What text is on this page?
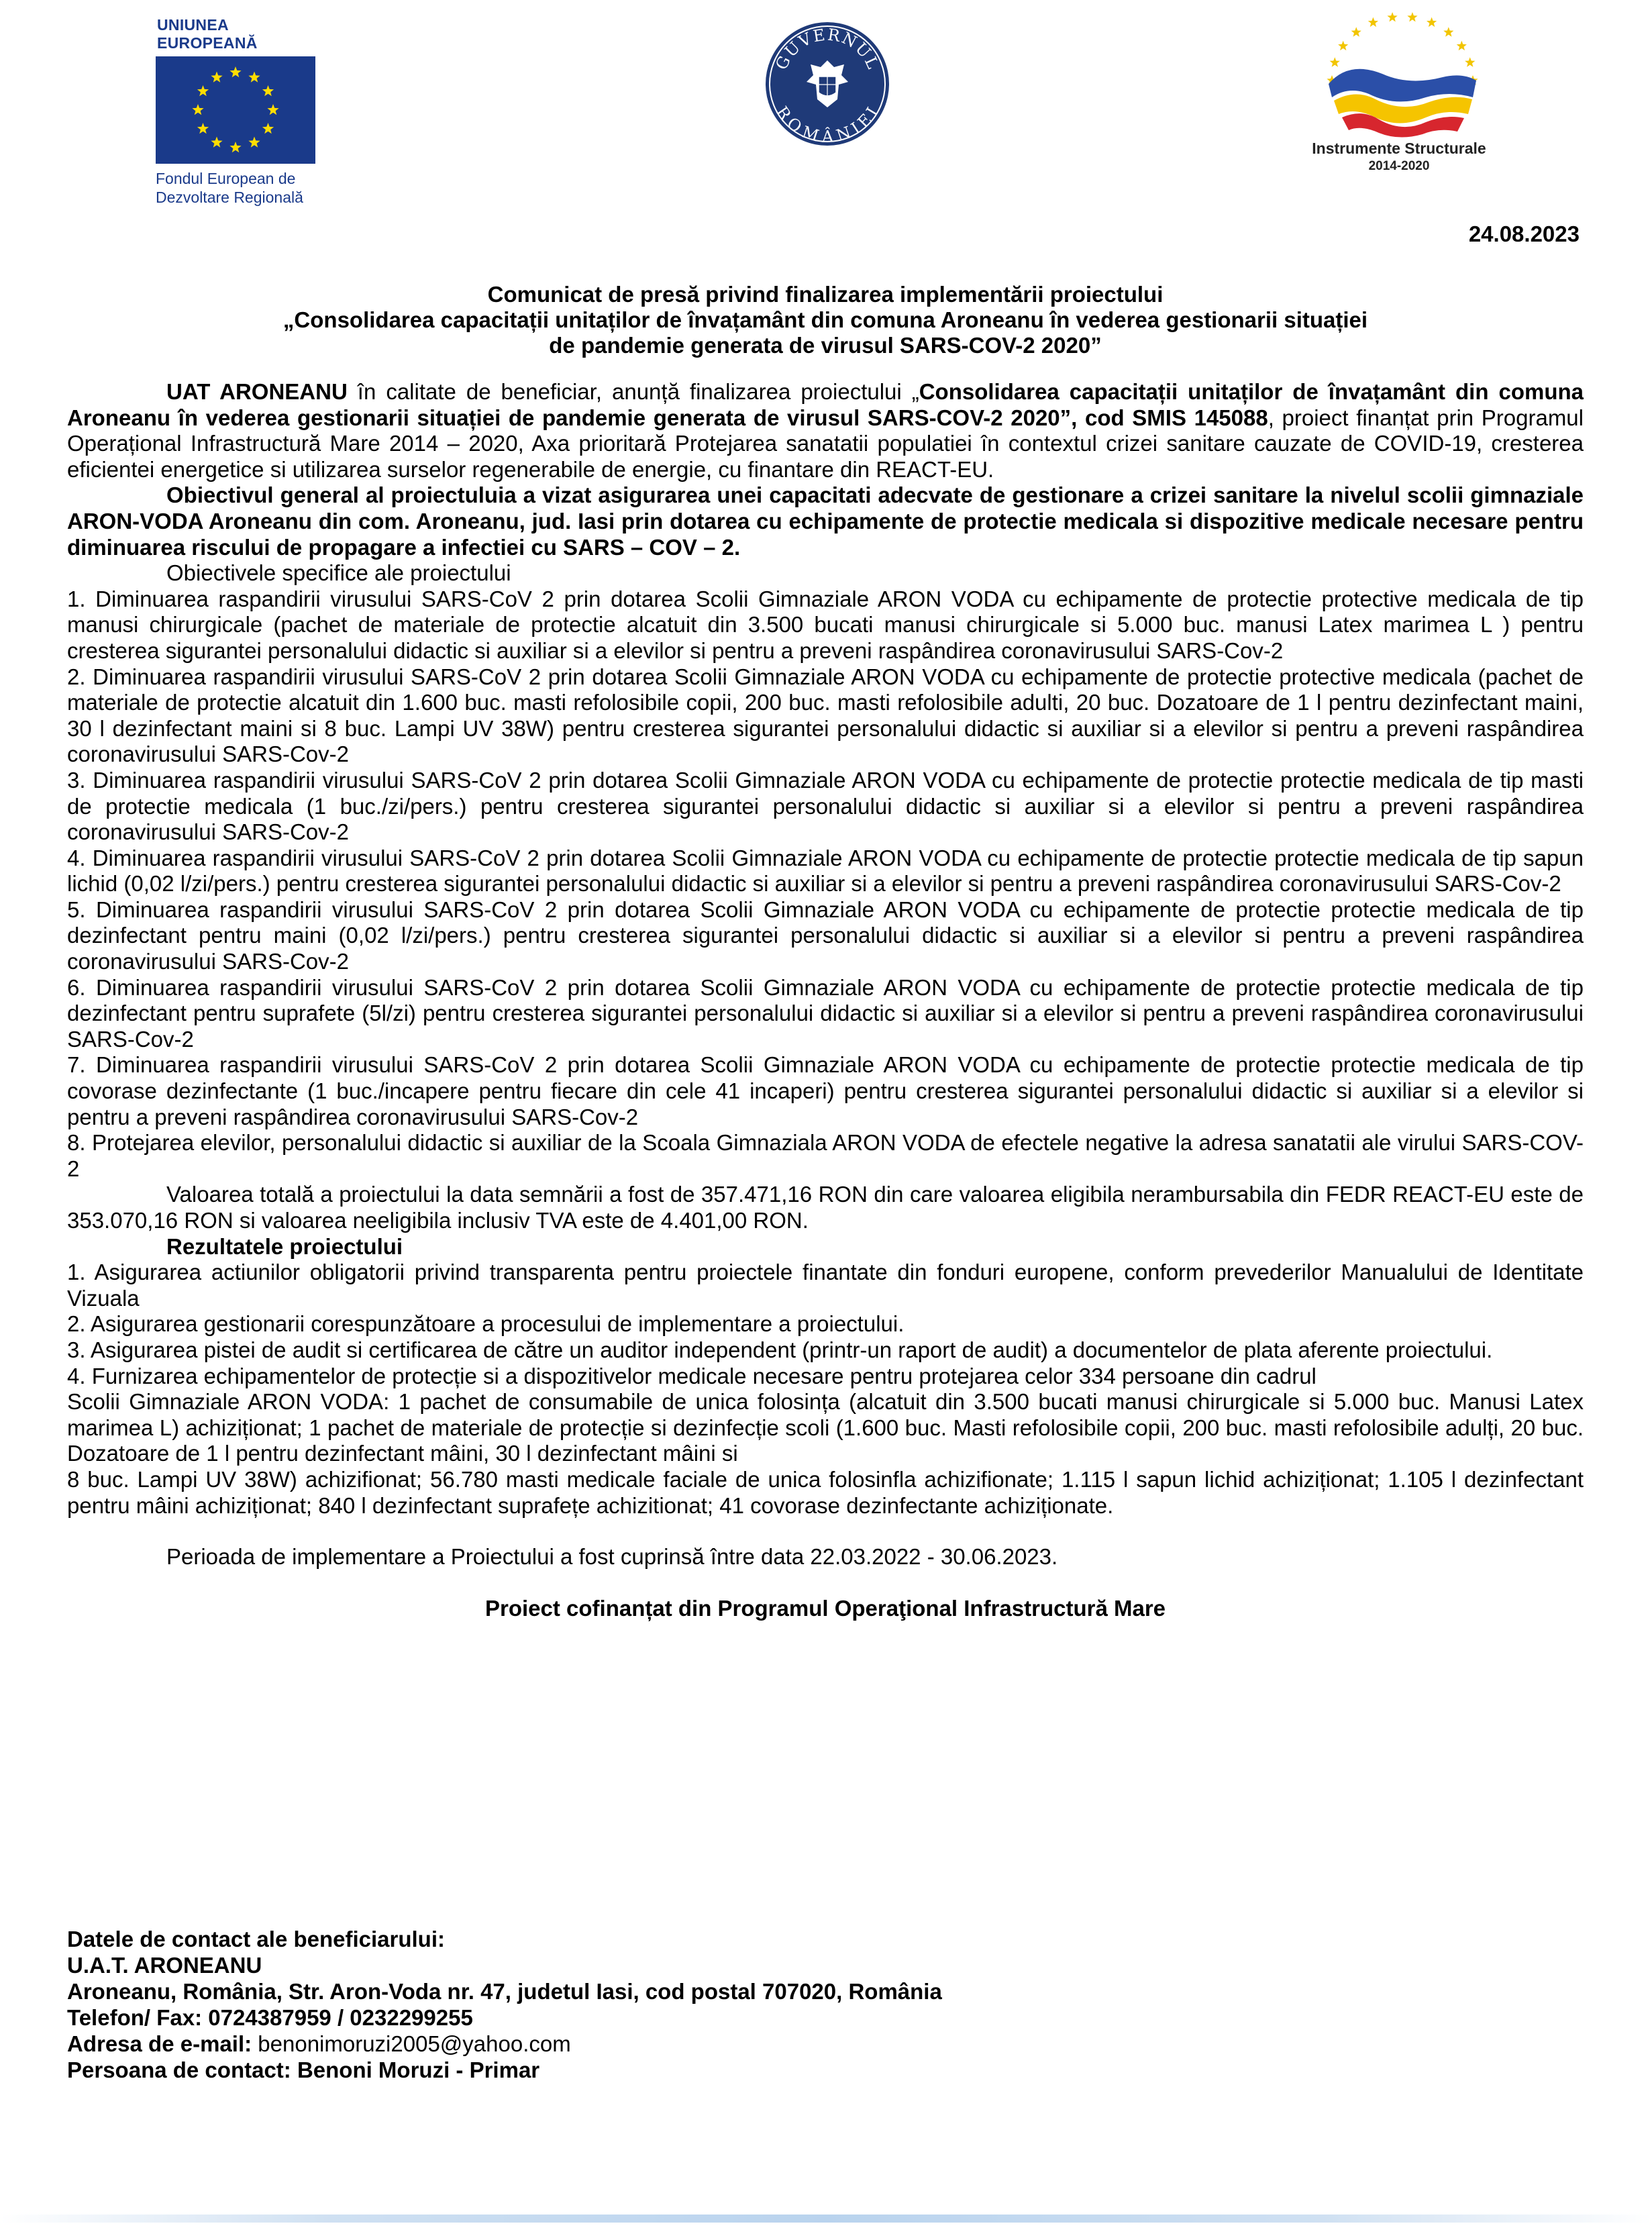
UNIUNEA EUROPEANĂ
Fondul European de
Dezvoltare Regională
GUVERNUL
ROMÂNIEI
Instrumente Structurale
2014-2020
24.08.2023
Comunicat de presă privind finalizarea implementării proiectului
„Consolidarea capacitații unitaților de învațamânt din comuna Aroneanu în vederea gestionarii situației
de pandemie generata de virusul SARS-COV-2 2020”

UAT ARONEANU în calitate de beneficiar, anunță finalizarea proiectului „Consolidarea capacitații unitaților de învațamânt din comuna Aroneanu în vederea gestionarii situației de pandemie generata de virusul SARS-COV-2 2020”, cod SMIS 145088, proiect finanțat prin Programul Operațional Infrastructură Mare 2014 – 2020, Axa prioritară Protejarea sanatatii populatiei în contextul crizei sanitare cauzate de COVID-19, cresterea eficientei energetice si utilizarea surselor regenerabile de energie, cu finantare din REACT-EU.

Obiectivul general al proiectuluia a vizat asigurarea unei capacitati adecvate de gestionare a crizei sanitare la nivelul scolii gimnaziale ARON-VODA Aroneanu din com. Aroneanu, jud. Iasi prin dotarea cu echipamente de protectie medicala si dispozitive medicale necesare pentru diminuarea riscului de propagare a infectiei cu SARS – COV – 2.

Obiectivele specifice ale proiectului

1. Diminuarea raspandirii virusului SARS-CoV 2 prin dotarea Scolii Gimnaziale ARON VODA cu echipamente de protectie protective medicala de tip manusi chirurgicale (pachet de materiale de protectie alcatuit din 3.500 bucati manusi chirurgicale si 5.000 buc. manusi Latex marimea L ) pentru cresterea sigurantei personalului didactic si auxiliar si a elevilor si pentru a preveni raspândirea coronavirusului SARS-Cov-2

2. Diminuarea raspandirii virusului SARS-CoV 2 prin dotarea Scolii Gimnaziale ARON VODA cu echipamente de protectie protective medicala (pachet de materiale de protectie alcatuit din 1.600 buc. masti refolosibile copii, 200 buc. masti refolosibile adulti, 20 buc. Dozatoare de 1 l pentru dezinfectant maini, 30 l dezinfectant maini si 8 buc. Lampi UV 38W) pentru cresterea sigurantei personalului didactic si auxiliar si a elevilor si pentru a preveni raspândirea coronavirusului SARS-Cov-2

3. Diminuarea raspandirii virusului SARS-CoV 2 prin dotarea Scolii Gimnaziale ARON VODA cu echipamente de protectie protectie medicala de tip masti de protectie medicala (1 buc./zi/pers.) pentru cresterea sigurantei personalului didactic si auxiliar si a elevilor si pentru a preveni raspândirea coronavirusului SARS-Cov-2

4. Diminuarea raspandirii virusului SARS-CoV 2 prin dotarea Scolii Gimnaziale ARON VODA cu echipamente de protectie protectie medicala de tip sapun lichid (0,02 l/zi/pers.) pentru cresterea sigurantei personalului didactic si auxiliar si a elevilor si pentru a preveni raspândirea coronavirusului SARS-Cov-2

5. Diminuarea raspandirii virusului SARS-CoV 2 prin dotarea Scolii Gimnaziale ARON VODA cu echipamente de protectie protectie medicala de tip dezinfectant pentru maini (0,02 l/zi/pers.) pentru cresterea sigurantei personalului didactic si auxiliar si a elevilor si pentru a preveni raspândirea coronavirusului SARS-Cov-2

6. Diminuarea raspandirii virusului SARS-CoV 2 prin dotarea Scolii Gimnaziale ARON VODA cu echipamente de protectie protectie medicala de tip dezinfectant pentru suprafete (5l/zi) pentru cresterea sigurantei personalului didactic si auxiliar si a elevilor si pentru a preveni raspândirea coronavirusului SARS-Cov-2

7. Diminuarea raspandirii virusului SARS-CoV 2 prin dotarea Scolii Gimnaziale ARON VODA cu echipamente de protectie protectie medicala de tip covorase dezinfectante (1 buc./incapere pentru fiecare din cele 41 incaperi) pentru cresterea sigurantei personalului didactic si auxiliar si a elevilor si pentru a preveni raspândirea coronavirusului SARS-Cov-2

8. Protejarea elevilor, personalului didactic si auxiliar de la Scoala Gimnaziala ARON VODA de efectele negative la adresa sanatatii ale virului SARS-COV-2

Valoarea totală a proiectului la data semnării a fost de 357.471,16 RON din care valoarea eligibila nerambursabila din FEDR REACT-EU este de 353.070,16 RON si valoarea neeligibila inclusiv TVA este de 4.401,00 RON.

Rezultatele proiectului

1. Asigurarea actiunilor obligatorii privind transparenta pentru proiectele finantate din fonduri europene, conform prevederilor Manualului de Identitate Vizuala

2. Asigurarea gestionarii corespunzătoare a procesului de implementare a proiectului.

3. Asigurarea pistei de audit si certificarea de către un auditor independent (printr-un raport de audit) a documentelor de plata aferente proiectului.

4. Furnizarea echipamentelor de protecție si a dispozitivelor medicale necesare pentru protejarea celor 334 persoane din cadrul

Scolii Gimnaziale ARON VODA: 1 pachet de consumabile de unica folosința (alcatuit din 3.500 bucati manusi chirurgicale si 5.000 buc. Manusi Latex marimea L) achiziționat; 1 pachet de materiale de protecție si dezinfecție scoli (1.600 buc. Masti refolosibile copii, 200 buc. masti refolosibile adulți, 20 buc. Dozatoare de 1 l pentru dezinfectant mâini, 30 l dezinfectant mâini si

8 buc. Lampi UV 38W) achizifionat; 56.780 masti medicale faciale de unica folosinfla achizifionate; 1.115 l sapun lichid achiziționat; 1.105 l dezinfectant pentru mâini achiziționat; 840 l dezinfectant suprafețe achizitionat; 41 covorase dezinfectante achiziționate.

Perioada de implementare a Proiectului a fost cuprinsă între data 22.03.2022 - 30.06.2023.

Proiect cofinanțat din Programul Operaţional Infrastructură Mare

Datele de contact ale beneficiarului:
U.A.T. ARONEANU
Aroneanu, România, Str. Aron-Voda nr. 47, judetul Iasi, cod postal 707020, România
Telefon/ Fax: 0724387959 / 0232299255
Adresa de e-mail: benonimoruzi2005@yahoo.com
Persoana de contact: Benoni Moruzi - Primar
